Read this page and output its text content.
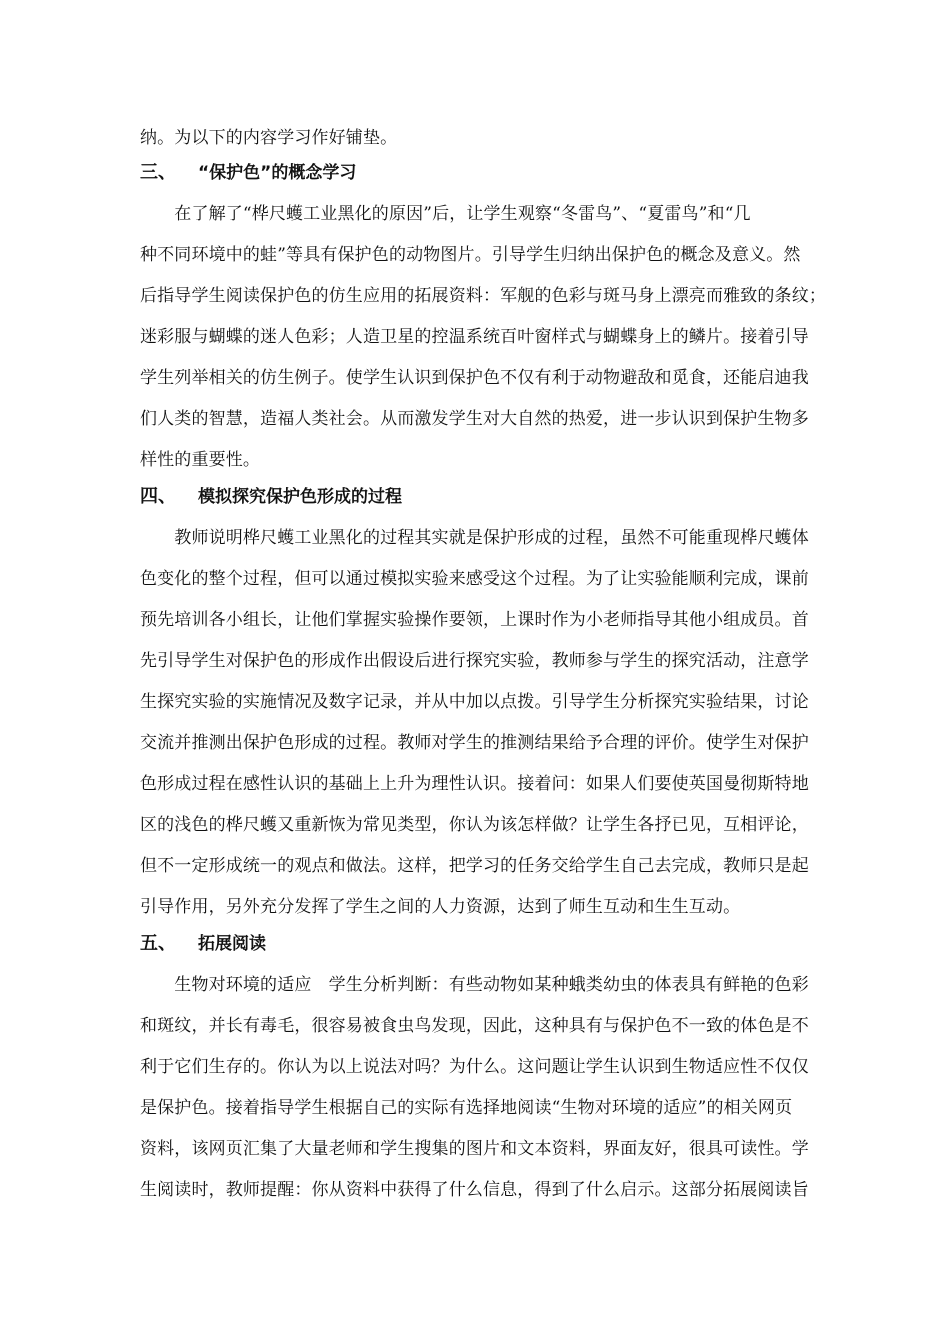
纳。为以下的内容学习作好铺垫。
三、 “保护色”的概念学习
　　在了解了“桦尺蠖工业黑化的原因”后，让学生观察“冬雷鸟”、“夏雷鸟”和“几
种不同环境中的蛙”等具有保护色的动物图片。引导学生归纳出保护色的概念及意义。然
后指导学生阅读保护色的仿生应用的拓展资料：军舰的色彩与斑马身上漂亮而雅致的条纹；
迷彩服与蝴蝶的迷人色彩；人造卫星的控温系统百叶窗样式与蝴蝶身上的鳞片。接着引导
学生列举相关的仿生例子。使学生认识到保护色不仅有利于动物避敌和觅食，还能启迪我
们人类的智慧，造福人类社会。从而激发学生对大自然的热爱，进一步认识到保护生物多
样性的重要性。
四、 模拟探究保护色形成的过程
　　教师说明桦尺蠖工业黑化的过程其实就是保护形成的过程，虽然不可能重现桦尺蠖体
色变化的整个过程，但可以通过模拟实验来感受这个过程。为了让实验能顺利完成，课前
预先培训各小组长，让他们掌握实验操作要领，上课时作为小老师指导其他小组成员。首
先引导学生对保护色的形成作出假设后进行探究实验，教师参与学生的探究活动，注意学
生探究实验的实施情况及数字记录，并从中加以点拨。引导学生分析探究实验结果，讨论
交流并推测出保护色形成的过程。教师对学生的推测结果给予合理的评价。使学生对保护
色形成过程在感性认识的基础上上升为理性认识。接着问：如果人们要使英国曼彻斯特地
区的浅色的桦尺蠖又重新恢为常见类型，你认为该怎样做？让学生各抒已见，互相评论，
但不一定形成统一的观点和做法。这样，把学习的任务交给学生自己去完成，教师只是起
引导作用，另外充分发挥了学生之间的人力资源，达到了师生互动和生生互动。
五、 拓展阅读
　　生物对环境的适应　学生分析判断：有些动物如某种蛾类幼虫的体表具有鲜艳的色彩
和斑纹，并长有毒毛，很容易被食虫鸟发现，因此，这种具有与保护色不一致的体色是不
利于它们生存的。你认为以上说法对吗？为什么。这问题让学生认识到生物适应性不仅仅
是保护色。接着指导学生根据自己的实际有选择地阅读“生物对环境的适应”的相关网页
资料，该网页汇集了大量老师和学生搜集的图片和文本资料，界面友好，很具可读性。学
生阅读时，教师提醒：你从资料中获得了什么信息，得到了什么启示。这部分拓展阅读旨
